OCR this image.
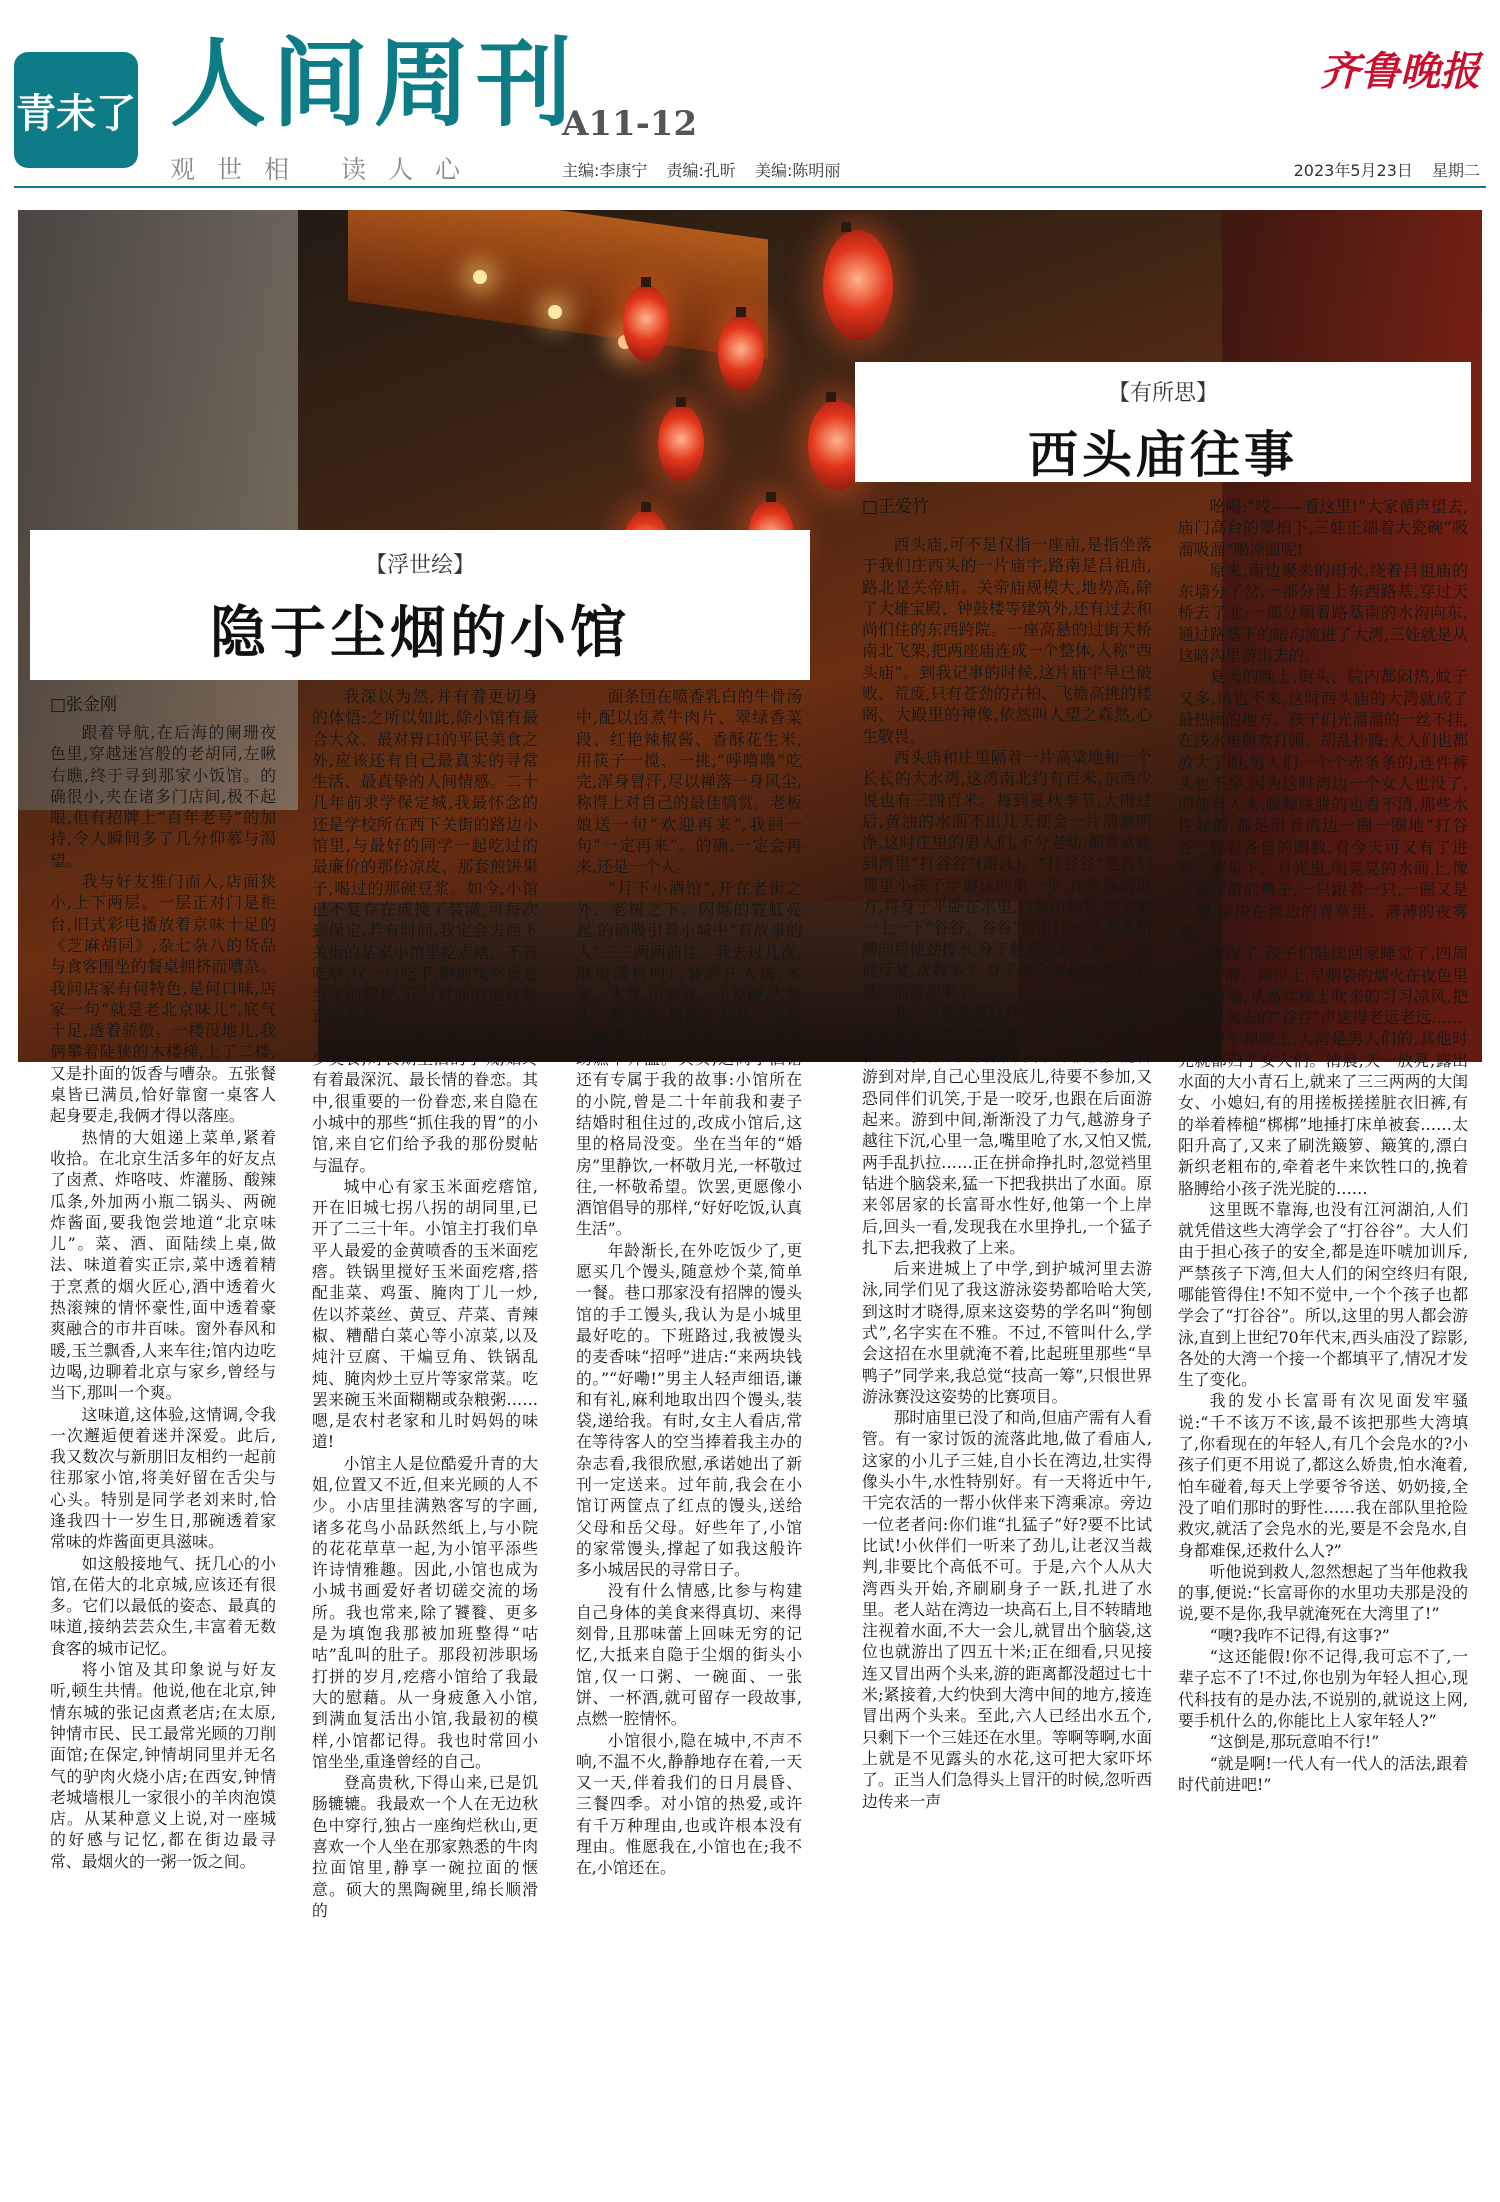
青未了 人间周刊
A11-12
观世相 读人心	主编:李康宁 责编:孔昕 美编:陈明丽
齐鲁晚报
2023年5月23日 星期二
【浮世绘】
隐于尘烟的小馆
□张金刚
【有所思】
西头庙往事
□王爱竹

跟着导航,在后海的阑珊夜色里,穿越迷宫般的老胡同,左瞅右瞧,终于寻到那家小饭馆。的确很小,夹在诸多门店间,极不起眼,但有招牌上“百年老号”的加持,令人瞬间多了几分仰慕与渴望。

我与好友推门而入,店面狭小,上下两层。一层正对门是柜台,旧式彩电播放着京味十足的《芝麻胡同》,杂七杂八的货品与食客围坐的餐桌拥挤而嘈杂。我问店家有何特色,是何口味,店家一句“就是老北京味儿”,底气十足,透着骄傲。一楼没地儿,我俩攀着陡狭的木楼梯,上了二楼,又是扑面的饭香与嘈杂。五张餐桌皆已满员,恰好靠窗一桌客人起身要走,我俩才得以落座。

热情的大姐递上菜单,紧着收拾。在北京生活多年的好友点了卤煮、炸咯吱、炸灌肠、酸辣瓜条,外加两小瓶二锅头、两碗炸酱面,要我饱尝地道“北京味儿”。菜、酒、面陆续上桌,做法、味道着实正宗,菜中透着精于烹煮的烟火匠心,酒中透着火热滚辣的情怀豪性,面中透着豪爽融合的市井百味。窗外春风和暖,玉兰飘香,人来车往;馆内边吃边喝,边聊着北京与家乡,曾经与当下,那叫一个爽。

这味道,这体验,这情调,令我一次邂逅便着迷并深爱。此后,我又数次与新朋旧友相约一起前往那家小馆,将美好留在舌尖与心头。特别是同学老刘来时,恰逢我四十一岁生日,那碗透着家常味的炸酱面更具滋味。

如这般接地气、抚几心的小馆,在偌大的北京城,应该还有很多。它们以最低的姿态、最真的味道,接纳芸芸众生,丰富着无数食客的城市记忆。

将小馆及其印象说与好友听,顿生共情。他说,他在北京,钟情东城的张记卤煮老店;在太原,钟情市民、民工最常光顾的刀削面馆;在保定,钟情胡同里并无名气的驴肉火烧小店;在西安,钟情老城墙根儿一家很小的羊肉泡馍店。从某种意义上说,对一座城的好感与记忆,都在街边最寻常、最烟火的一粥一饭之间。

我深以为然,并有着更切身的体悟:之所以如此,除小馆有最合大众、最对胃口的平民美食之外,应该还有自己最真实的寻常生活、最真挚的人间情感。二十几年前求学保定城,我最怀念的还是学校所在西下关街的路边小馆里,与最好的同学一起吃过的最廉价的那份凉皮、那套煎饼果子,喝过的那碗豆浆。如今,小馆已不复存在或换了装潢,可每次到保定,若有时间,我定会去西下关街的某家小馆里吃点啥。不管吃啥,仅一口吃下,眼前恍然皆是当年的模样,我与对面的他或她正值青春……

无论走过多少地方,吃过多少美食,对长期生活的小城,始终有着最深沉、最长情的眷恋。其中,很重要的一份眷恋,来自隐在小城中的那些“抓住我的胃”的小馆,来自它们给予我的那份熨帖与温存。

城中心有家玉米面疙瘩馆,开在旧城七拐八拐的胡同里,已开了二三十年。小馆主打我们阜平人最爱的金黄喷香的玉米面疙瘩。铁锅里搅好玉米面疙瘩,搭配韭菜、鸡蛋、腌肉丁儿一炒,佐以芥菜丝、黄豆、芹菜、青辣椒、糟醋白菜心等小凉菜,以及炖汁豆腐、干煸豆角、铁锅乱炖、腌肉炒土豆片等家常菜。吃罢来碗玉米面糊糊或杂粮粥……嗯,是农村老家和儿时妈妈的味道!

小馆主人是位酷爱升青的大姐,位置又不近,但来光顾的人不少。小店里挂满熟客写的字画,诸多花鸟小品跃然纸上,与小院的花花草草一起,为小馆平添些许诗情雅趣。因此,小馆也成为小城书画爱好者切磋交流的场所。我也常来,除了饕餮、更多是为填饱我那被加班整得“咕咕”乱叫的肚子。那段初涉职场打拼的岁月,疙瘩小馆给了我最大的慰藉。从一身疲惫入小馆,到满血复活出小馆,我最初的模样,小馆都记得。我也时常回小馆坐坐,重逢曾经的自己。

登高贵秋,下得山来,已是饥肠辘辘。我最欢一个人在无边秋色中穿行,独占一座绚烂秋山,更喜欢一个人坐在那家熟悉的牛肉拉面馆里,静享一碗拉面的惬意。硕大的黑陶碗里,绵长顺滑的

面条団在喷香乳白的牛骨汤中,配以卤煮牛肉片、翠绿香菜段、红艳辣椒酱、香酥花生米,用筷子一搅、一挑,“呼噜噜”吃完,浑身冒汗,尽以禅落一身风尘,称得上对自己的最佳犒赏。老板娘送一句“欢迎再来”,我回一句“一定再来”。的确,一定会再来,还是一个人。

“月下小酒馆”,开在老街之外、老树之下。闪烁的霓虹亮起,的确吸引着小城中“有故事的人”三三两两前往。我去过几次,琳琅满目的坛装酒任人选,木桌、木凳,小酒壶、小瓷碗,大骨头、精菜系,极简亦有品。与好友聊着知己话,情感亦在小酒的助燃下升温。其实,这间小酒馆还有专属于我的故事:小馆所在的小院,曾是二十年前我和妻子结婚时租住过的,改成小馆后,这里的格局没变。坐在当年的“婚房”里静饮,一杯敬月光,一杯敬过往,一杯敬希望。饮罢,更愿像小酒馆倡导的那样,“好好吃饭,认真生活”。

年龄渐长,在外吃饭少了,更愿买几个馒头,随意炒个菜,简单一餐。巷口那家没有招牌的馒头馆的手工馒头,我认为是小城里最好吃的。下班路过,我被馒头的麦香味“招呼”进店:“来两块钱的。”“好嘞!”男主人轻声细语,谦和有礼,麻利地取出四个馒头,装袋,递给我。有时,女主人看店,常在等待客人的空当捧着我主办的杂志看,我很欣慰,承诺她出了新刊一定送来。过年前,我会在小馆订两筐点了红点的馒头,送给父母和岳父母。好些年了,小馆的家常馒头,撑起了如我这般许多小城居民的寻常日子。

没有什么情感,比参与构建自己身体的美食来得真切、来得刻骨,且那味蕾上回味无穷的记忆,大抵来自隐于尘烟的街头小馆,仅一口粥、一碗面、一张饼、一杯酒,就可留存一段故事,点燃一腔情怀。

小馆很小,隐在城中,不声不响,不温不火,静静地存在着,一天又一天,伴着我们的日月晨昏、三餐四季。对小馆的热爱,或许有千万种理由,也或许根本没有理由。惟愿我在,小馆也在;我不在,小馆还在。

西头庙,可不是仅指一座庙,是指坐落于我们庄西头的一片庙宇,路南是吕祖庙,路北是关帝庙。关帝庙规模大,地势高,除了大雄宝殿、钟鼓楼等建筑外,还有过去和尚们住的东西跨院。一座高悬的过街天桥南北飞架,把两座庙连成一个整体,人称“西头庙”。到我记事的时候,这片庙宇早已破败、荒废,只有苍劲的古柏、飞檐高挑的楼阁、大殿里的神像,依然叫人望之森然,心生敬畏。

西头庙和庄里隔着一片高粱地和一个长长的大水湾,这湾南北约有百米,东西少说也有三四百米。每到夏秋季节,大雨过后,黄浊的水面不出几天便会一片清澈明净,这时庄里的男人们,不分老幼,都喜欢跳到湾里“打谷谷”(游泳)。“打谷谷”是我们那里小孩子学游泳的第一步:在水浅的地方,将身子平卧在水里,只露出脑袋,两条腿一上一下“谷谷、谷谷”地击打水面,两条胳膊向后使劲拨水,身子趁势向前一耸……如此反复,次数多了,身子便会漂起来,慢慢也就向前游起来了。

我小时候就是这样学会游泳的,现在想起来还真有些后怕。那年刚学会“打谷谷”,和一群伙伴从大湾南岸向北岸泅渡。能否游到对岸,自己心里没底儿,待要不参加,又恐同伴们讥笑,于是一咬牙,也跟在后面游起来。游到中间,渐渐没了力气,越游身子越往下沉,心里一急,嘴里呛了水,又怕又慌,两手乱扒拉……正在拼命挣扎时,忽觉裆里钻进个脑袋来,猛一下把我拱出了水面。原来邻居家的长富哥水性好,他第一个上岸后,回头一看,发现我在水里挣扎,一个猛子扎下去,把我救了上来。

后来进城上了中学,到护城河里去游泳,同学们见了我这游泳姿势都哈哈大笑,到这时才晓得,原来这姿势的学名叫“狗刨式”,名字实在不雅。不过,不管叫什么,学会这招在水里就淹不着,比起班里那些“旱鸭子”同学来,我总觉“技高一筹”,只恨世界游泳赛没这姿势的比赛项目。

那时庙里已没了和尚,但庙产需有人看管。有一家讨饭的流落此地,做了看庙人,这家的小儿子三娃,自小长在湾边,壮实得像头小牛,水性特别好。有一天将近中午,干完农活的一帮小伙伴来下湾乘凉。旁边一位老者问:你们谁“扎猛子”好?要不比试比试!小伙伴们一听来了劲儿,让老汉当裁判,非要比个高低不可。于是,六个人从大湾西头开始,齐刷刷身子一跃,扎进了水里。老人站在湾边一块高石上,目不转睛地注视着水面,不大一会儿,就冒出个脑袋,这位也就游出了四五十米;正在细看,只见接连又冒出两个头来,游的距离都没超过七十米;紧接着,大约快到大湾中间的地方,接连冒出两个头来。至此,六人已经出水五个,只剩下一个三娃还在水里。等啊等啊,水面上就是不见露头的水花,这可把大家吓坏了。正当人们急得头上冒汗的时候,忽听西边传来一声

吆喝:“哎——看这里!”大家循声望去,庙门高台的翠柏下,三娃正端着大瓷碗“吸溜吸溜”喝凉面呢!

原来,南边聚来的雨水,绕着吕祖庙的东墙分了岔,一部分漫上东西路基,穿过天桥去了北;一部分顺着路基南的水沟向东,通过路基下的暗沟流进了大湾,三娃就是从这暗沟里游出去的。

夏天的晚上,街头、院内都闷热,蚊子又多,风也不来,这时西头庙的大湾就成了最热闹的地方。孩子们光溜溜的一丝不挂,在浅水里撒欢打闹、胡乱扑腾;大人们也都放大了胆,男人们一个个赤条条的,连件裤头也不穿,因为这时湾边一个女人也没了,即使有人来,朦朦胧胧的也看不清,那些水性好的,都是沿着湾边一圈一圈地“打谷谷”,数着各自的圈数,看今天可又有了进步。繁星下、月光里,明晃晃的水面上,像一群浮游的鸭子,一只跟着一只,一圈又是一圈,穿梭在湾边的青草里、薄薄的夜雾里。

夜深了,孩子们陆续回家睡觉了,四周一片宁静。湾岸上,早烟袋的烟火在夜色里时明时暗,从高粱棵上吹来的习习凉风,把不舍得离去的“谷谷”声送得老远老远……

中午和晚上,大湾是男人们的,其他时光就都归了女人们。清晨,天一放亮,露出水面的大小青石上,就来了三三两两的大闺女、小媳妇,有的用搓板搓搓脏衣旧裤,有的举着棒槌“梆梆”地捶打床单被套……太阳升高了,又来了刷洗簸箩、簸箕的,漂白新织老粗布的,牵着老牛来饮牲口的,挽着胳膊给小孩子洗光腚的……

这里既不靠海,也没有江河湖泊,人们就凭借这些大湾学会了“打谷谷”。大人们由于担心孩子的安全,都是连吓唬加训斥,严禁孩子下湾,但大人们的闲空终归有限,哪能管得住!不知不觉中,一个个孩子也都学会了“打谷谷”。所以,这里的男人都会游泳,直到上世纪70年代末,西头庙没了踪影,各处的大湾一个接一个都填平了,情况才发生了变化。

我的发小长富哥有次见面发牢骚说:“千不该万不该,最不该把那些大湾填了,你看现在的年轻人,有几个会凫水的?小孩子们更不用说了,都这么娇贵,怕水淹着,怕车碰着,每天上学要爷爷送、奶奶接,全没了咱们那时的野性……我在部队里抢险救灾,就活了会凫水的光,要是不会凫水,自身都难保,还救什么人?”

听他说到救人,忽然想起了当年他救我的事,便说:“长富哥你的水里功夫那是没的说,要不是你,我早就淹死在大湾里了!”

“噢?我咋不记得,有这事?”

“这还能假!你不记得,我可忘不了,一辈子忘不了!不过,你也别为年轻人担心,现代科技有的是办法,不说别的,就说这上网,要手机什么的,你能比上人家年轻人?”

“这倒是,那玩意咱不行!”

“就是啊!一代人有一代人的活法,跟着时代前进吧!”
